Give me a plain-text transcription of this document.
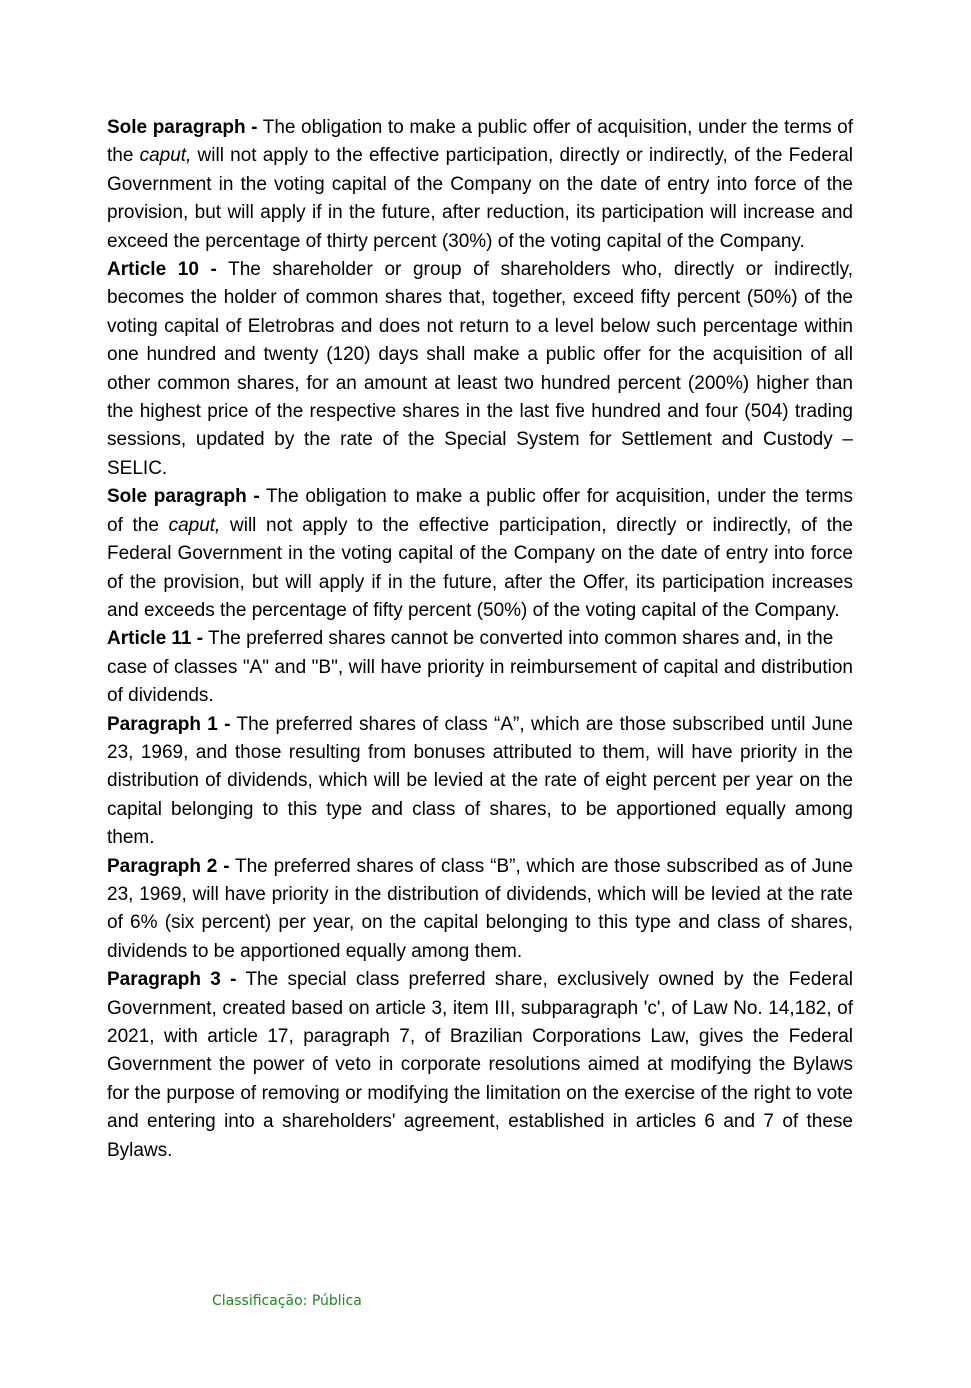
Sole paragraph - The obligation to make a public offer of acquisition, under the terms of the caput, will not apply to the effective participation, directly or indirectly, of the Federal Government in the voting capital of the Company on the date of entry into force of the provision, but will apply if in the future, after reduction, its participation will increase and exceed the percentage of thirty percent (30%) of the voting capital of the Company.

Article 10 - The shareholder or group of shareholders who, directly or indirectly, becomes the holder of common shares that, together, exceed fifty percent (50%) of the voting capital of Eletrobras and does not return to a level below such percentage within one hundred and twenty (120) days shall make a public offer for the acquisition of all other common shares, for an amount at least two hundred percent (200%) higher than the highest price of the respective shares in the last five hundred and four (504) trading sessions, updated by the rate of the Special System for Settlement and Custody – SELIC.

Sole paragraph - The obligation to make a public offer for acquisition, under the terms of the caput, will not apply to the effective participation, directly or indirectly, of the Federal Government in the voting capital of the Company on the date of entry into force of the provision, but will apply if in the future, after the Offer, its participation increases and exceeds the percentage of fifty percent (50%) of the voting capital of the Company.

Article 11 - The preferred shares cannot be converted into common shares and, in the

case of classes "A" and "B", will have priority in reimbursement of capital and distribution of dividends.

Paragraph 1 - The preferred shares of class “A”, which are those subscribed until June 23, 1969, and those resulting from bonuses attributed to them, will have priority in the distribution of dividends, which will be levied at the rate of eight percent per year on the capital belonging to this type and class of shares, to be apportioned equally among them.

Paragraph 2 - The preferred shares of class “B”, which are those subscribed as of June 23, 1969, will have priority in the distribution of dividends, which will be levied at the rate of 6% (six percent) per year, on the capital belonging to this type and class of shares, dividends to be apportioned equally among them.

Paragraph 3 - The special class preferred share, exclusively owned by the Federal Government, created based on article 3, item III, subparagraph 'c', of Law No. 14,182, of 2021, with article 17, paragraph 7, of Brazilian Corporations Law, gives the Federal Government the power of veto in corporate resolutions aimed at modifying the Bylaws for the purpose of removing or modifying the limitation on the exercise of the right to vote and entering into a shareholders' agreement, established in articles 6 and 7 of these Bylaws.

Classificação: Pública
